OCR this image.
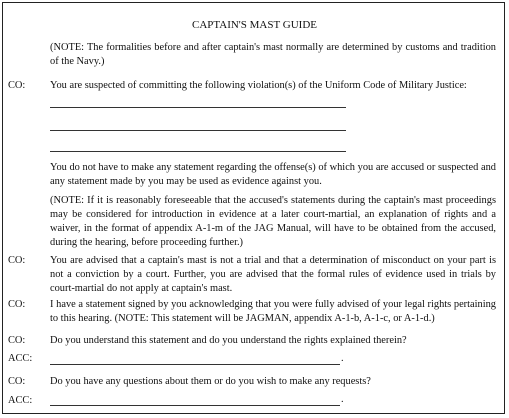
CAPTAIN'S MAST GUIDE
(NOTE: The formalities before and after captain's mast normally are determined by customs and tradition of the Navy.)
CO: You are suspected of committing the following violation(s) of the Uniform Code of Military Justice:
You do not have to make any statement regarding the offense(s) of which you are accused or suspected and any statement made by you may be used as evidence against you.
(NOTE: If it is reasonably foreseeable that the accused's statements during the captain's mast proceedings may be considered for introduction in evidence at a later court-martial, an explanation of rights and a waiver, in the format of appendix A-1-m of the JAG Manual, will have to be obtained from the accused, during the hearing, before proceeding further.)
CO: You are advised that a captain's mast is not a trial and that a determination of misconduct on your part is not a conviction by a court. Further, you are advised that the formal rules of evidence used in trials by court-martial do not apply at captain's mast.
CO: I have a statement signed by you acknowledging that you were fully advised of your legal rights pertaining to this hearing. (NOTE: This statement will be JAGMAN, appendix A-1-b, A-1-c, or A-1-d.)
CO: Do you understand this statement and do you understand the rights explained therein?
ACC:	.
CO: Do you have any questions about them or do you wish to make any requests?
ACC:	.
